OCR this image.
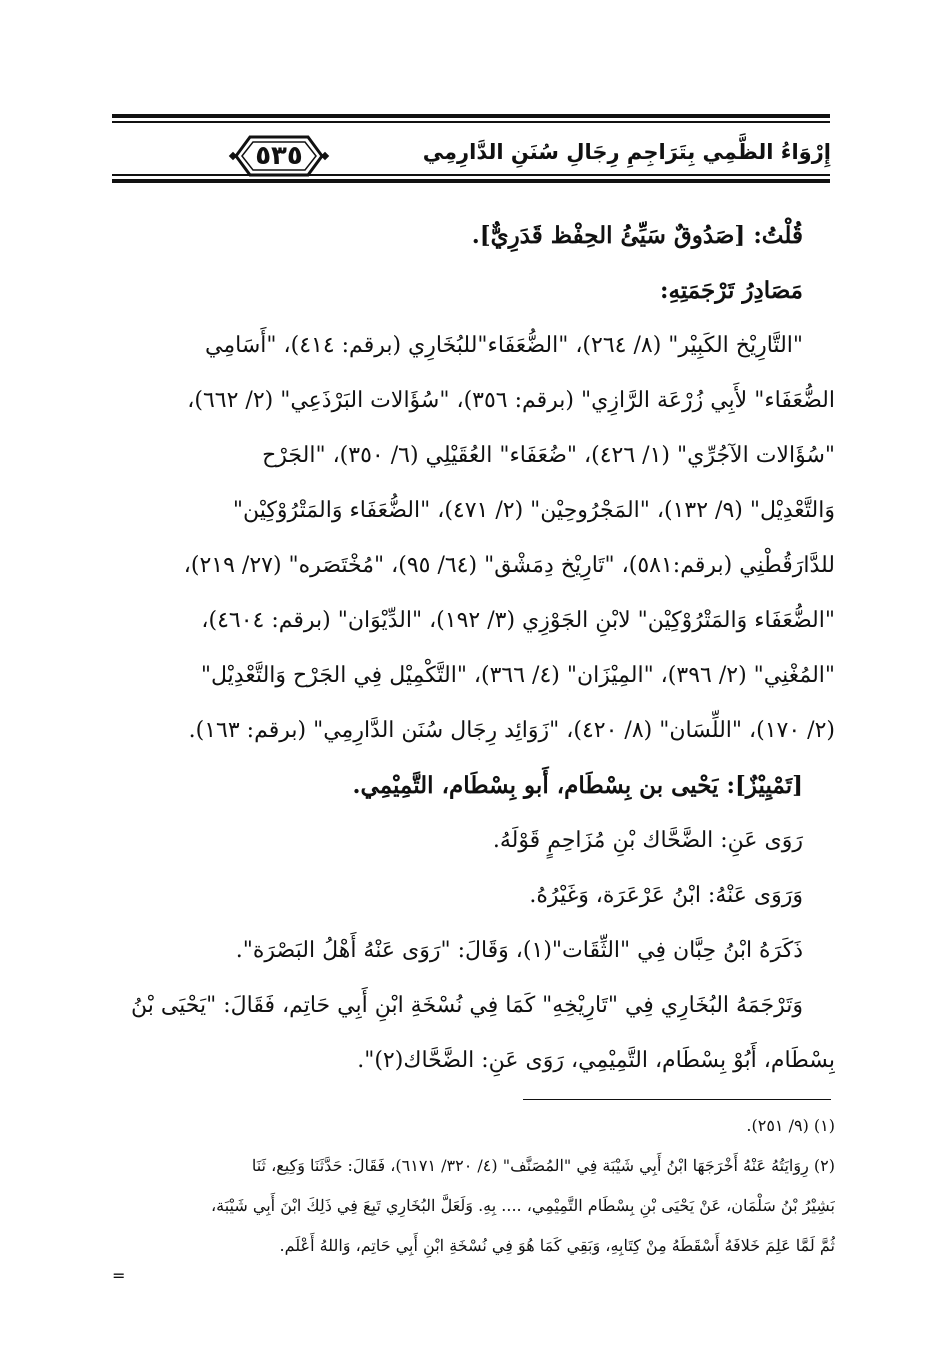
٥٣٥	إِرْوَاءُ الظَّمِي بِتَرَاجِمِ رِجَالِ سُنَنِ الدَّارِمِي
قُلْتُ: [صَدُوقٌ سَيِّئُ الحِفْظ قَدَرِيٌّ].
مَصَادِرُ تَرْجَمَتِهِ:
"التَّارِيْخ الكَبِيْر" (٨/ ٢٦٤)، "الضُّعَفَاء"للبُخَارِي (برقم: ٤١٤)، "أَسَامِي
الضُّعَفَاء" لأَبِي زُرْعَة الرَّازِي" (برقم: ٣٥٦)، "سُؤَالات البَرْذَعِي" (٢/ ٦٦٢)،
"سُؤَالات الآجُرِّي" (١/ ٤٢٦)، "ضُعَفَاء" العُقَيْلِي (٦/ ٣٥٠)، "الجَرْح
وَالتَّعْدِيْل" (٩/ ١٣٢)، "المَجْرُوحِيْن" (٢/ ٤٧١)، "الضُّعَفَاء وَالمَتْرُوْكِيْن"
للدَّارَقُطْنِي (برقم:٥٨١)، "تَارِيْخ دِمَشْق" (٦٤/ ٩٥)، "مُخْتَصَره" (٢٧/ ٢١٩)،
"الضُّعَفَاء وَالمَتْرُوْكِيْن" لابْنِ الجَوْزِي (٣/ ١٩٢)، "الدِّيْوَان" (برقم: ٤٦٠٤)،
"المُغْنِي" (٢/ ٣٩٦)، "المِيْزَان" (٤/ ٣٦٦)، "التَّكْمِيْل فِي الجَرْح وَالتَّعْدِيْل"
(٢/ ١٧٠)، "اللِّسَان" (٨/ ٤٢٠)، "زَوَائِد رِجَال سُنَن الدَّارِمِي" (برقم: ١٦٣).
[تَمْيِيْزٌ]: يَحْيى بن بِسْطَام، أَبو بِسْطَام، التَّمِيْمِي.
رَوَى عَنِ: الضَّحَّاك بْنِ مُزَاحِمٍ قَوْلَهُ.
وَرَوَى عَنْهُ: ابْنُ عَرْعَرَة، وَغَيْرُهُ.
ذَكَرَهُ ابْنُ حِبَّان فِي "الثِّقَات"(١)، وَقَالَ: "رَوَى عَنْهُ أَهْلُ البَصْرَة".
وَتَرْجَمَهُ البُخَارِي فِي "تَارِيْخِهِ" كَمَا فِي نُسْخَةِ ابْنِ أَبِي حَاتِم، فَقَالَ: "يَحْيَى بْنُ
بِسْطَام، أَبُوْ بِسْطَام، التَّمِيْمِي، رَوَى عَنِ: الضَّحَّاك(٢)".
(١) (٩/ ٢٥١).
(٢) رِوَايَتُهُ عَنْهُ أَخْرَجَهَا ابْنُ أَبِي شَيْبَة فِي "المُصَنَّف" (٤/ ٣٢٠/ ٦١٧١)، فَقَالَ: حَدَّثَنَا وَكِيع، ثَنَا
بَشِيْرُ بْنُ سَلْمَان، عَنْ يَحْيَى بْنِ بِسْطَام التَّمِيْمِي، .... بِهِ. وَلَعَلَّ البُخَارِي تَبِعَ فِي ذَلِكَ ابْنَ أَبِي شَيْبَة،
ثُمَّ لَمَّا عَلِمَ خَلافَهُ أَسْقَطَهُ مِنْ كِتَابِهِ، وَبَقِي كَمَا هُوَ فِي نُسْخَةِ ابْنِ أَبِي حَاتِم، وَاللهُ أَعْلَم.
=
